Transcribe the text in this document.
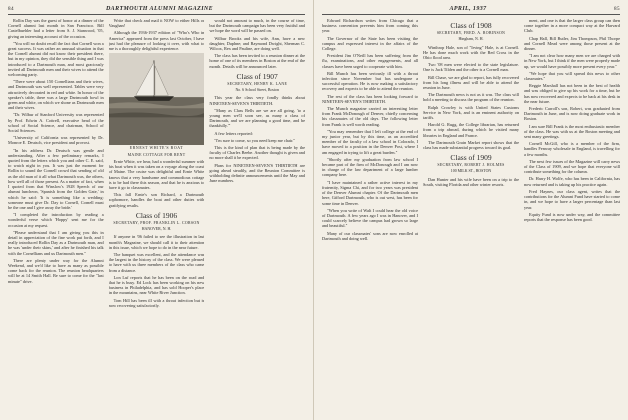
84	DARTMOUTH ALUMNI MAGAZINE

Rollin Day was the guest of honor at a dinner of the Cornell alumni last month in San Francisco. Bill Castelbuehler had a letter from S. J. Stanwood, '05, giving an interesting account of the occasion.

"You will no doubt recall the fact that Cornell won a great success. It was rather an unusual situation in that the Cornell alumni did not know their president there, but in my opinion, they did the sensible thing and I was introduced to a Dartmouth man, and most graciously invited all Dartmouth men and their wives to attend the welcoming party.

"There were about 150 Cornellians and their wives, and Dartmouth was well represented. Tables were very attractively decorated in red and white. In honor of the speaker's table, there was a large Dartmouth bowl in green and white, on which we shone as Dartmouth men and their wives.

"Dr. Wilbur of Stanford University was represented by Prof. Edwin A. Cottrell, executive head of the school of Social Science, and chairman, School of Social Sciences.

"University of California was represented by Dr. Monroe E. Deutsch, vice president and provost.

"In his address Dr. Deutsch was gentle and understanding. After a few preliminary remarks, I quoted from the letters which you and other C. E. said, to watch night in you. It was just the moment for Rollin to sound the Cornell crowd that sending of old as the old man of it all what Dartmouth was, the others, how well all of those present. As a matter of fact, when I quoted from that Winslow's 1928 Speech of our alumni luncheon, 'Spanish from the Golden Gate,' in which he said: 'It is something like a wedding: someone must give Dr. Day to Cornell, Cornell must be the one and I give away the bride.'

"I completed the introduction by reading a wonderful verse which 'Hoppy' sent me for the occasion at my request.

"Please understand that I am giving you this in detail in appreciation of the fine work put forth, and I really introduced Rollin Day as a Dartmouth man, and he was 'under their skins,' and after he finished his talk with the Cornellians and us Dartmouth men."

There are plenty under way for the Alumni Weekend, and we'd like to have as many as possible come back for the reunion. The reunion headquarters will be at 14 Smith Hall. Be sure to come for the "last minute" drive.

Write that check and mail it NOW to either Hills or Vaughan!

Although the 1936-1937 edition of "Who's Who in America" appeared from the press last October, I have just had the pleasure of looking it over, with what to me is a thoroughly delightful experience.

ERNEST WHITE'S BOAT
MAINE COTTAGE FOR RENT

Ernie White, we hear, had a wonderful summer with his boat when it was taken on a voyage along the coast of Maine. The cruise was delightful and Ernie White knows that a very handsome and commodious cottage is to be had there this season, and that he is anxious to have it go to classmates.

This fall Ernie's son Richard, a Dartmouth sophomore, handles the boat and other duties with gratifying results.

Class of 1906
SECRETARY, PROF. FRANKLIN L. CORSON
HANOVER, N. H.

If anyone in '06 failed to see the illustration in last month's Magazine, we should call it to their attention in this issue, which we hope to do in the near future.

The banquet was excellent, and the attendance was the largest in the history of the class. We were pleased to have with us three members of the class who came from a distance.

Lon Luf reports that he has been on the road and that he is busy. Ed Lock has been working on his new business in Philadelphia, and has sold Hooper's place in the mountains, near White River Junction.

Tom Hill has been ill with a throat infection but is now recovering satisfactorily.

would not amount to much, in the course of time, but the Dartmouth campaign has been very fruitful and we hope the word will be passed on.

Wilbur Brooks and his wife, Ann, have a new daughter, Daphne; and Raymond Dwight, Sherman C. Wilcox, Rex and Pauline, are doing well.

The class has been invited to a reunion dinner at the home of one of its members in Boston at the end of the month. Details will be announced later.

Class of 1907
SECRETARY, HENRY K. LANE
No. 6 School Street, Boston

This year the class very fondly thinks about NINETEEN-SEVEN'S THIRTIETH.

"Many as Class Bells are we are all going, 'to a young men we'll soon see, as many a class of Dartmouth, and we are planning a good time, and be thankfully.'"

A few letters reported:

"I'm sure to come, so you need keep me chair."

This is the kind of plan that is being made by the faculty of Charles Beebe. Another thought is given and no more shall it be expected.

Plans for NINETEEN-SEVEN'S THIRTIETH are going ahead steadily, and the Reunion Committee is withholding definite announcements until the May and June numbers.

APRIL, 1937	85

Edward Richardson writes from Chicago that a business convention prevents him from coming this year.

The Governor of the State has been visiting the campus and expressed interest in the affairs of the College.

President Jim O'Neill has been suffering from the flu, examinations, and other engagements, and all classes have been urged to cooperate with him.

Bill Munch has been seriously ill with a throat infection since November but has undergone a successful operation. He is now making a satisfactory recovery and expects to be able to attend the reunion.

The rest of the class has been looking forward to NINETEEN-SEVEN'S THIRTIETH.

The Munch magazine carried an interesting letter from Frank McDonough of Denver, chiefly concerning his classmates of the old days. The following letter from Frank is well worth reading.

"You may remember that I left college at the end of my junior year, but by this time, as an accredited member of the faculty of a law school in Colorado, I have moved to a position in the Denver Post, where I am engaged in trying to lift a great burden."

"Shortly after my graduation from law school I became part of the firm of McDonough and I am now in charge of the law department of a large lumber company here.

"I have maintained a rather active interest in my fraternity, Sigma Chi, and for two years was president of the Denver Alumni chapter. Of the Dartmouth men here, Gifford Dartmouth, who is out west, has been for some time in Denver.

"When you write of Walt I could hear the old voice of Dartmouth. A few years ago I was in Hanover, and I could scarcely believe the campus had grown so large and beautiful."

Many of our classmates' sons are now enrolled at Dartmouth and doing well.

Class of 1908
SECRETARY, FRED. A. ROBINSON
Hingham, N. H.

Winthrop Hale, son of "Irving" Hale, is at Cornell. He has done much work with the Red Cross in the Ohio flood area.

Two '08 men were elected to the state legislature. One is Jack Tilden and the other is a Cornell man.

Bill Chase, we are glad to report, has fully recovered from his long illness and will be able to attend the reunion in June.

The Dartmouth news is not as it was. The class will hold a meeting to discuss the program of the reunion.

Ralph Crowley is with United States Customs Service in New York, and is an eminent authority on tariffs.

Harold G. Rugg, the College librarian, has returned from a trip abroad, during which he visited many libraries in England and France.

The Dartmouth Grain Market report shows that the class has made substantial progress toward its goal.

Class of 1909
SECRETARY, ROBERT J. HOLMES
100 MILK ST., BOSTON

Dan Hunter and his wife have been on a trip to the South, visiting Florida and other winter resorts.

ment, and one is that the larger class group can then come together in a more compact way at the Harvard Club.

Chap Hall, Bill Butler, Jim Thompson, Phil Thorpe and Cornell Mead were among those present at the dinner.

"I am not clear how many men we are charged with in New York, but I think if the men were properly made up, we would have possibly more present every year."

"We hope that you will spread this news to other classmates."

Reggie Marshall has not been in the best of health and was obliged to give up his work for a time, but he has now recovered and expects to be back at his desk in the near future.

Frederic Carroll's son, Robert, was graduated from Dartmouth in June, and is now doing graduate work in Boston.

I am sure Bill Frank is the most enthusiastic member of the class. He was with us at the Boston meeting and sent many greetings.

Cornell McGill, who is a member of the firm, handles Fenway wholesale in England, is travelling for a few months.

The next few issues of the Magazine will carry news of the Class of 1909, and we hope that everyone will contribute something for the column.

Dr. Harry H. Wolfe, who has been in California, has now returned and is taking up his practice again.

Fred Haynes, our class agent, writes that the contributions for the Alumni Fund have started to come in, and we hope to have a larger percentage than last year.

Equity Fund is now under way, and the committee reports that the response has been good.
